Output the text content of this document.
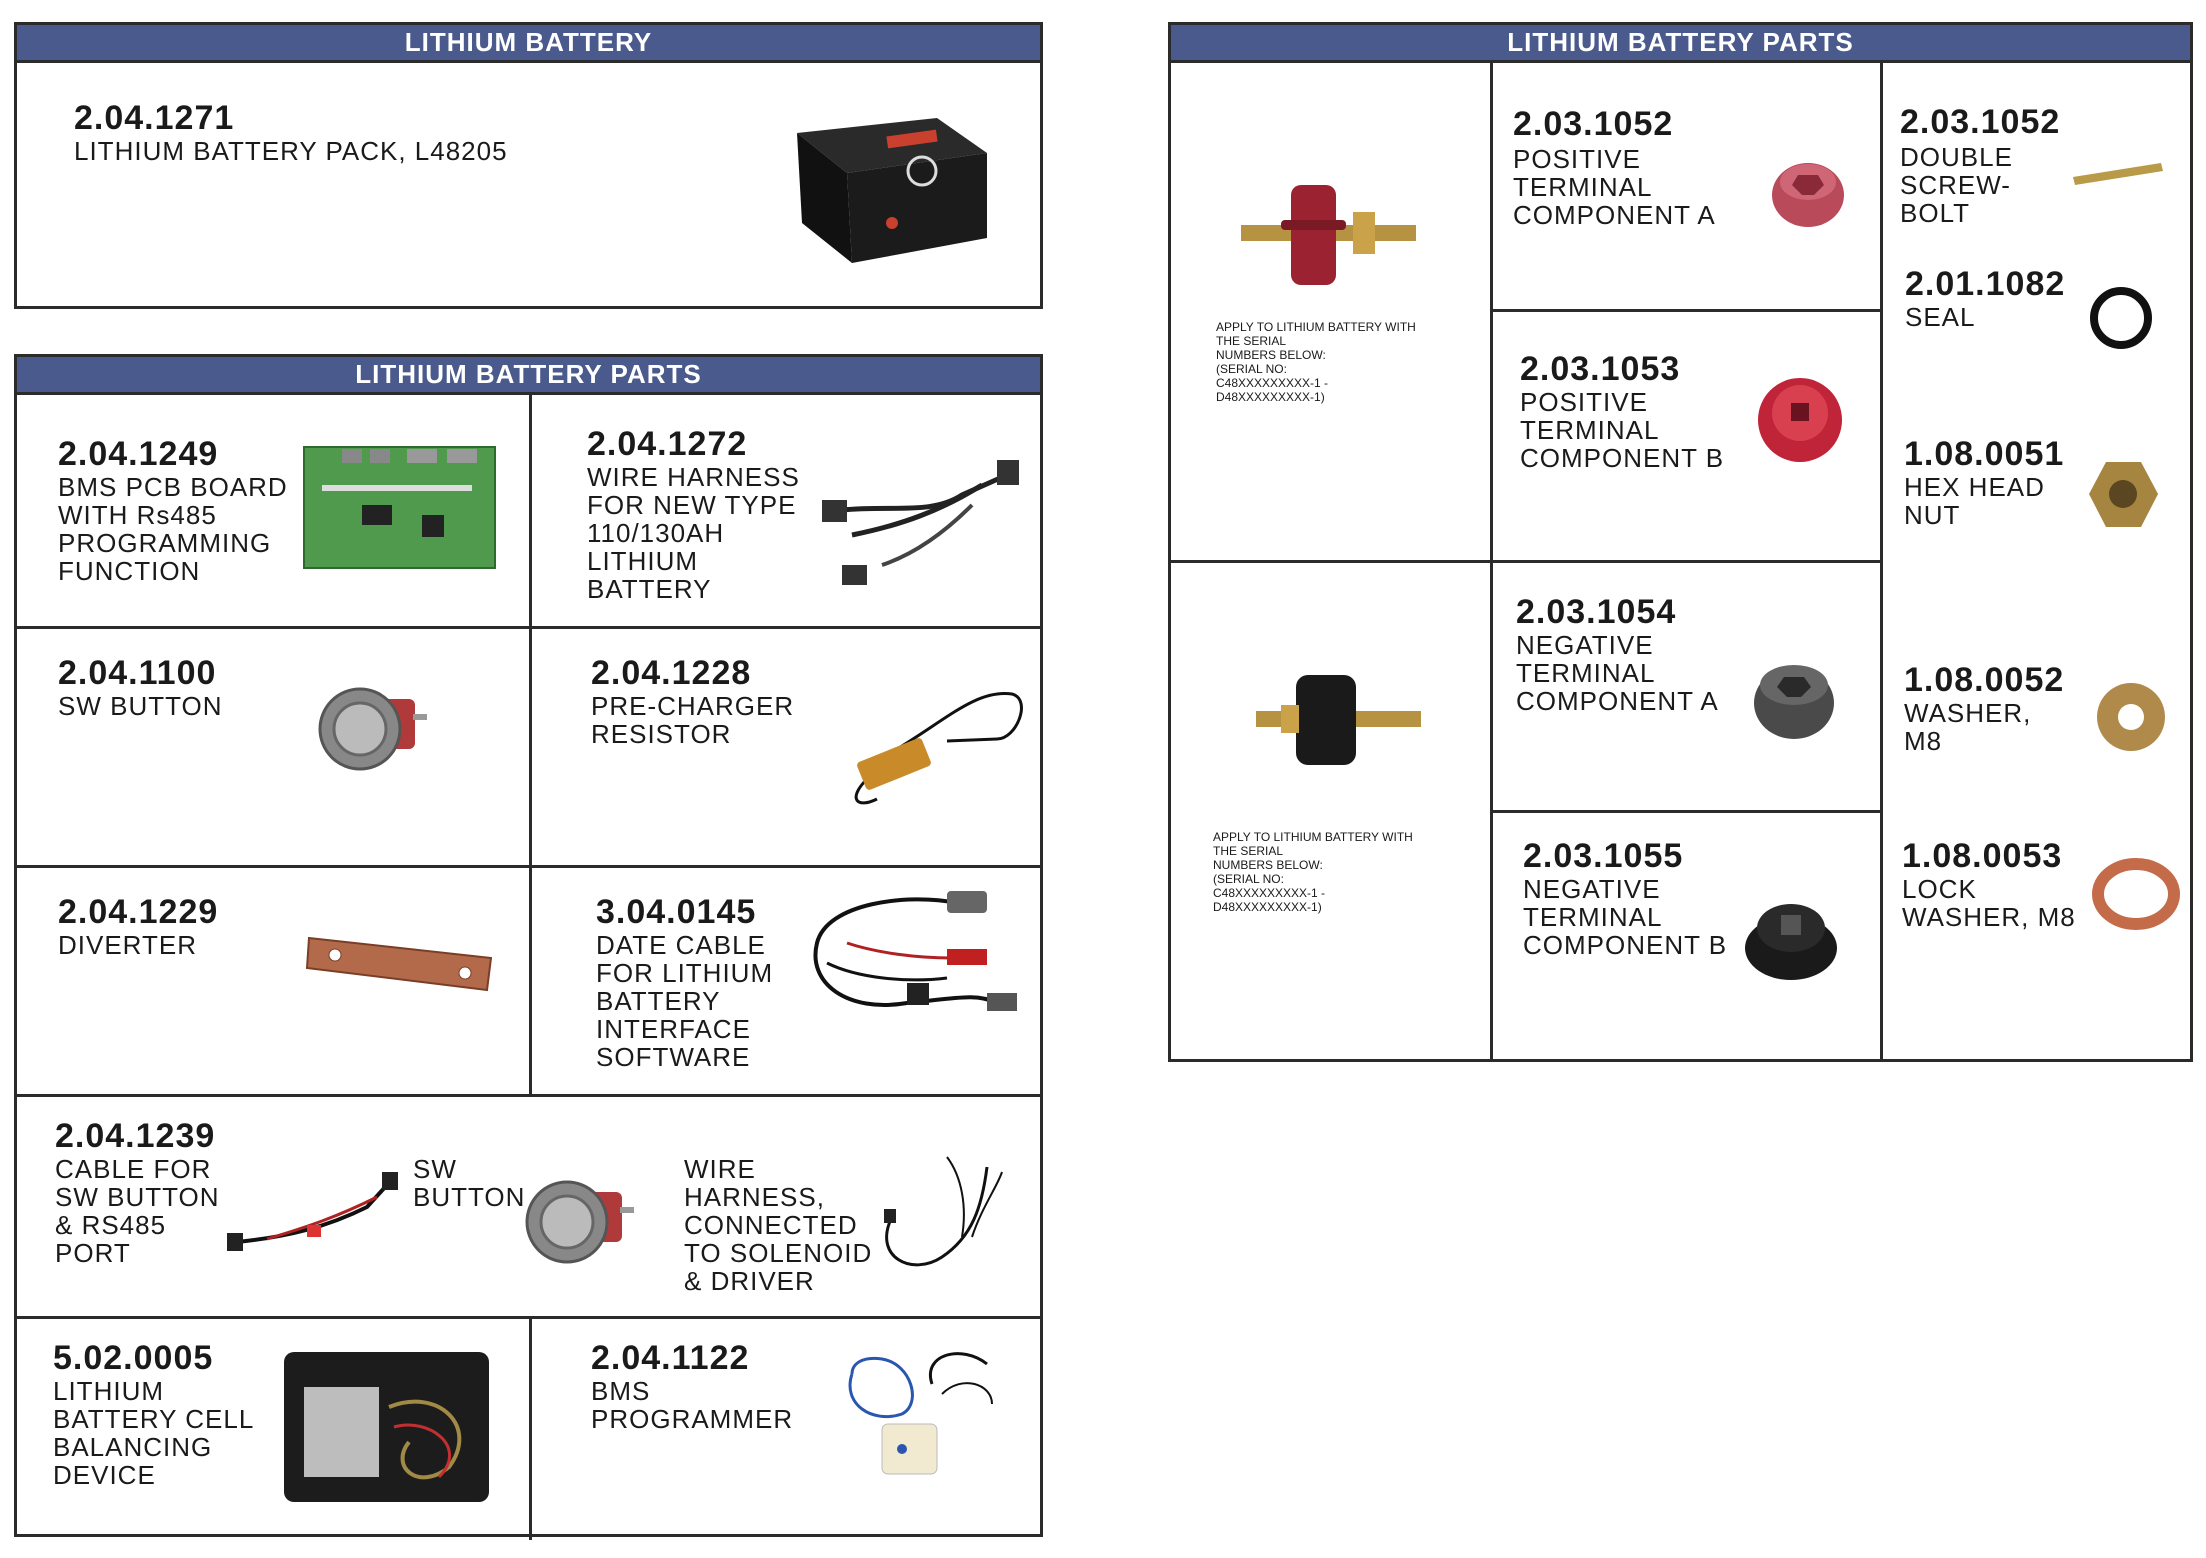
LITHIUM BATTERY
2.04.1271
LITHIUM BATTERY PACK, L48205
LITHIUM BATTERY PARTS
2.04.1249
BMS PCB BOARD
WITH Rs485
PROGRAMMING
FUNCTION
2.04.1272
WIRE HARNESS
FOR NEW TYPE
110/130AH
LITHIUM
BATTERY
2.04.1100
SW BUTTON
2.04.1228
PRE-CHARGER
RESISTOR
2.04.1229
DIVERTER
3.04.0145
DATE CABLE
FOR LITHIUM
BATTERY
INTERFACE
SOFTWARE
2.04.1239
CABLE FOR
SW BUTTON
& RS485
PORT
SW
BUTTON
WIRE
HARNESS,
CONNECTED
TO SOLENOID
& DRIVER
5.02.0005
LITHIUM
BATTERY CELL
BALANCING
DEVICE
2.04.1122
BMS
PROGRAMMER
LITHIUM BATTERY PARTS
APPLY TO LITHIUM BATTERY WITH
THE SERIAL
NUMBERS BELOW:
(SERIAL NO:
C48XXXXXXXXX-1 -
D48XXXXXXXXX-1)
APPLY TO LITHIUM BATTERY WITH
THE SERIAL
NUMBERS BELOW:
(SERIAL NO:
C48XXXXXXXXX-1 -
D48XXXXXXXXX-1)
2.03.1052
POSITIVE
TERMINAL
COMPONENT A
2.03.1053
POSITIVE
TERMINAL
COMPONENT B
2.03.1054
NEGATIVE
TERMINAL
COMPONENT A
2.03.1055
NEGATIVE
TERMINAL
COMPONENT B
2.03.1052
DOUBLE
SCREW-
BOLT
2.01.1082
SEAL
1.08.0051
HEX HEAD
NUT
1.08.0052
WASHER,
M8
1.08.0053
LOCK
WASHER, M8
